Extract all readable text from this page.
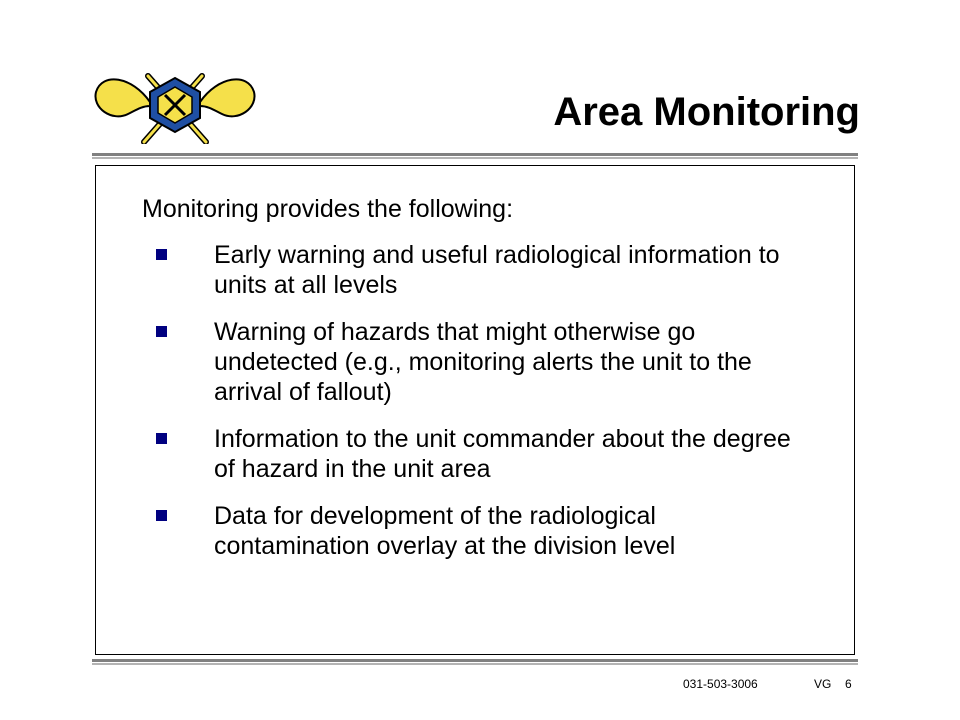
Area Monitoring
Monitoring provides the following:
Early warning and useful radiological information to units at all levels
Warning of hazards that might otherwise go undetected (e.g., monitoring alerts the unit to the arrival of fallout)
Information to the unit commander about the degree of hazard in the unit area
Data for development of the radiological contamination overlay at the division level
031-503-3006	VG 6
